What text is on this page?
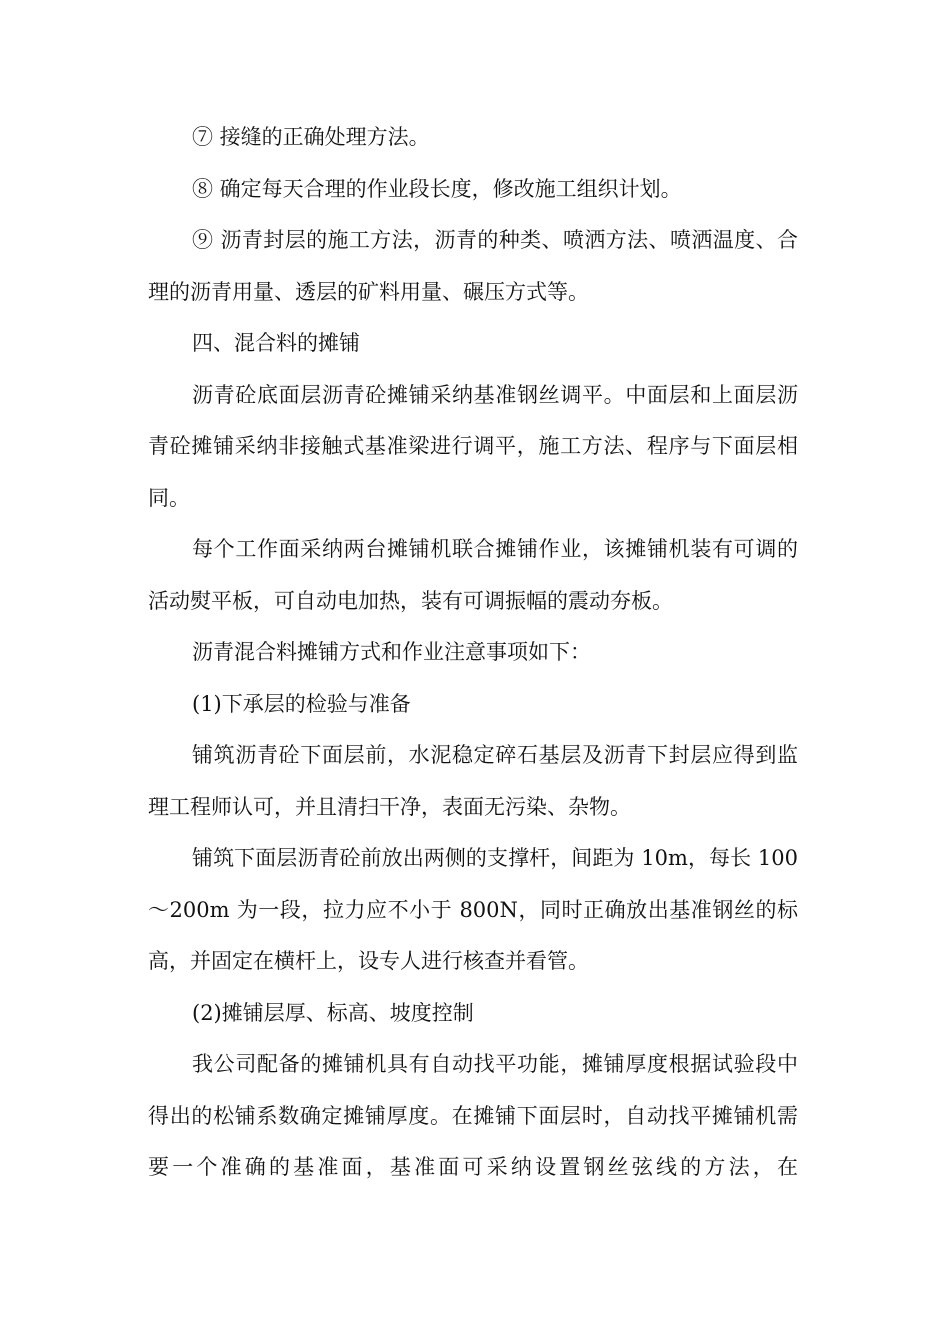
⑦ 接缝的正确处理方法。

⑧ 确定每天合理的作业段长度，修改施工组织计划。

⑨ 沥青封层的施工方法，沥青的种类、喷洒方法、喷洒温度、合理的沥青用量、透层的矿料用量、碾压方式等。

四、混合料的摊铺

沥青砼底面层沥青砼摊铺采纳基准钢丝调平。中面层和上面层沥青砼摊铺采纳非接触式基准梁进行调平，施工方法、程序与下面层相同。

每个工作面采纳两台摊铺机联合摊铺作业，该摊铺机装有可调的活动熨平板，可自动电加热，装有可调振幅的震动夯板。

沥青混合料摊铺方式和作业注意事项如下：

(1)下承层的检验与准备

铺筑沥青砼下面层前，水泥稳定碎石基层及沥青下封层应得到监理工程师认可，并且清扫干净，表面无污染、杂物。

铺筑下面层沥青砼前放出两侧的支撑杆，间距为 10m，每长 100～200m 为一段，拉力应不小于 800N，同时正确放出基准钢丝的标高，并固定在横杆上，设专人进行核查并看管。

(2)摊铺层厚、标高、坡度控制

我公司配备的摊铺机具有自动找平功能，摊铺厚度根据试验段中得出的松铺系数确定摊铺厚度。在摊铺下面层时，自动找平摊铺机需要一个准确的基准面，基准面可采纳设置钢丝弦线的方法，在
